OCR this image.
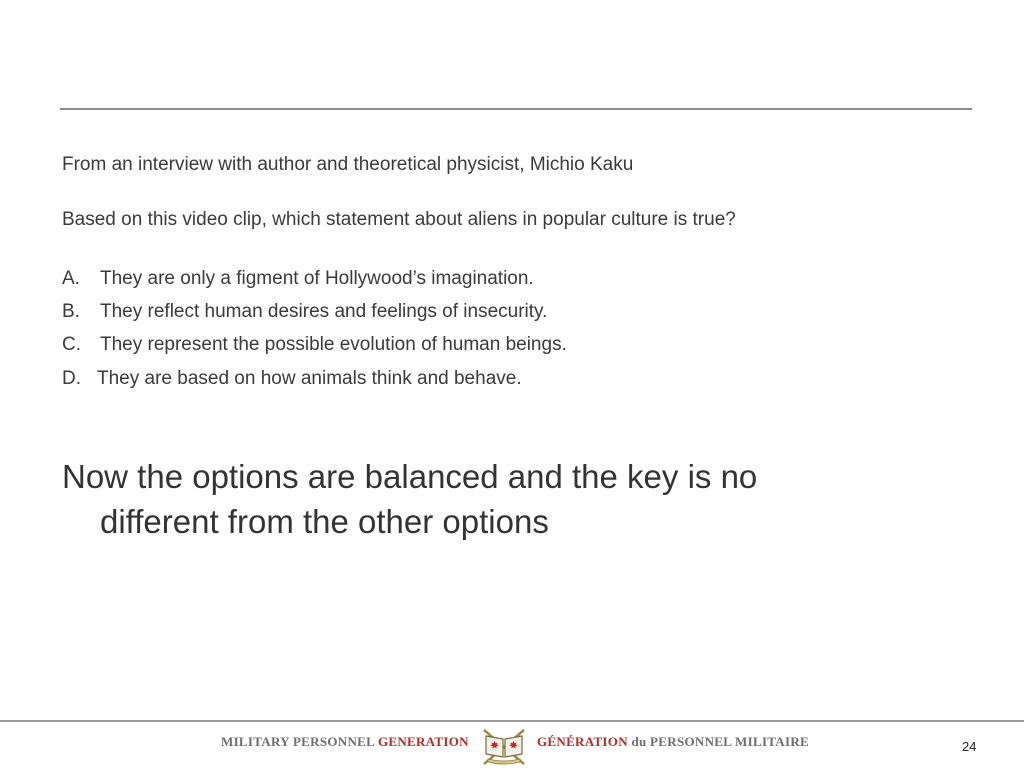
From an interview with author and theoretical physicist, Michio Kaku
Based on this video clip, which statement about aliens in popular culture is true?
A. They are only a figment of Hollywood’s imagination.
B. They reflect human desires and feelings of insecurity.
C. They represent the possible evolution of human beings.
D. They are based on how animals think and behave.
Now the options are balanced and the key is no
different from the other options
MILITARY PERSONNEL GENERATION	GÉNÉRATION du PERSONNEL MILITAIRE	24
